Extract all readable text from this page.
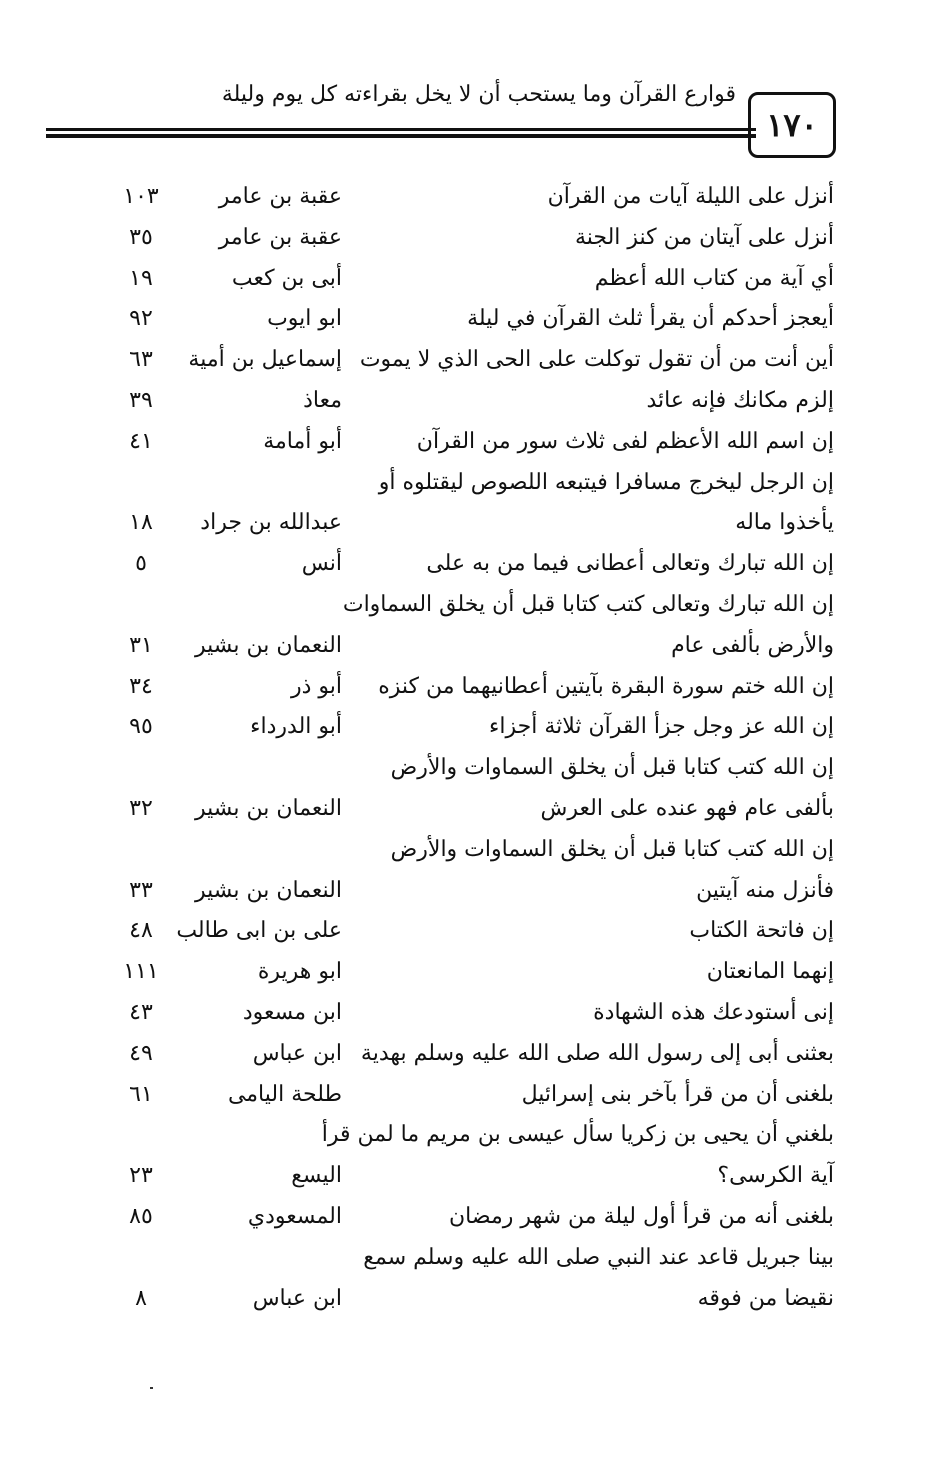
قوارع القرآن وما يستحب أن لا يخل بقراءته كل يوم وليلة
١٧٠
أنزل على الليلة آيات من القرآن
عقبة بن عامر
١٠٣
أنزل على آيتان من كنز الجنة
عقبة بن عامر
٣٥
أي آية من كتاب الله أعظم
أبى بن كعب
١٩
أيعجز أحدكم أن يقرأ ثلث القرآن في ليلة
ابو ايوب
٩٢
أين أنت من أن تقول توكلت على الحى الذي لا يموت
إسماعيل بن أمية
٦٣
إلزم مكانك فإنه عائد
معاذ
٣٩
إن اسم الله الأعظم لفى ثلاث سور من القرآن
أبو أمامة
٤١
إن الرجل ليخرج مسافرا فيتبعه اللصوص ليقتلوه أو
يأخذوا ماله
عبدالله بن جراد
١٨
إن الله تبارك وتعالى أعطانى فيما من به على
أنس
٥
إن الله تبارك وتعالى كتب كتابا قبل أن يخلق السماوات
والأرض بألفى عام
النعمان بن بشير
٣١
إن الله ختم سورة البقرة بآيتين أعطانيهما من كنزه
أبو ذر
٣٤
إن الله عز وجل جزأ القرآن ثلاثة أجزاء
أبو الدرداء
٩٥
إن الله كتب كتابا قبل أن يخلق السماوات والأرض
بألفى عام فهو عنده على العرش
النعمان بن بشير
٣٢
إن الله كتب كتابا قبل أن يخلق السماوات والأرض
فأنزل منه آيتين
النعمان بن بشير
٣٣
إن فاتحة الكتاب
على بن ابى طالب
٤٨
إنهما المانعتان
ابو هريرة
١١١
إنى أستودعك هذه الشهادة
ابن مسعود
٤٣
بعثنى أبى إلى رسول الله صلى الله عليه وسلم بهدية
ابن عباس
٤٩
بلغنى أن من قرأ بآخر بنى إسرائيل
طلحة اليامى
٦١
بلغني أن يحيى بن زكريا سأل عيسى بن مريم ما لمن قرأ
آية الكرسى؟
اليسع
٢٣
بلغنى أنه من قرأ أول ليلة من شهر رمضان
المسعودي
٨٥
بينا جبريل قاعد عند النبي صلى الله عليه وسلم سمع
نقيضا من فوقه
ابن عباس
٨
